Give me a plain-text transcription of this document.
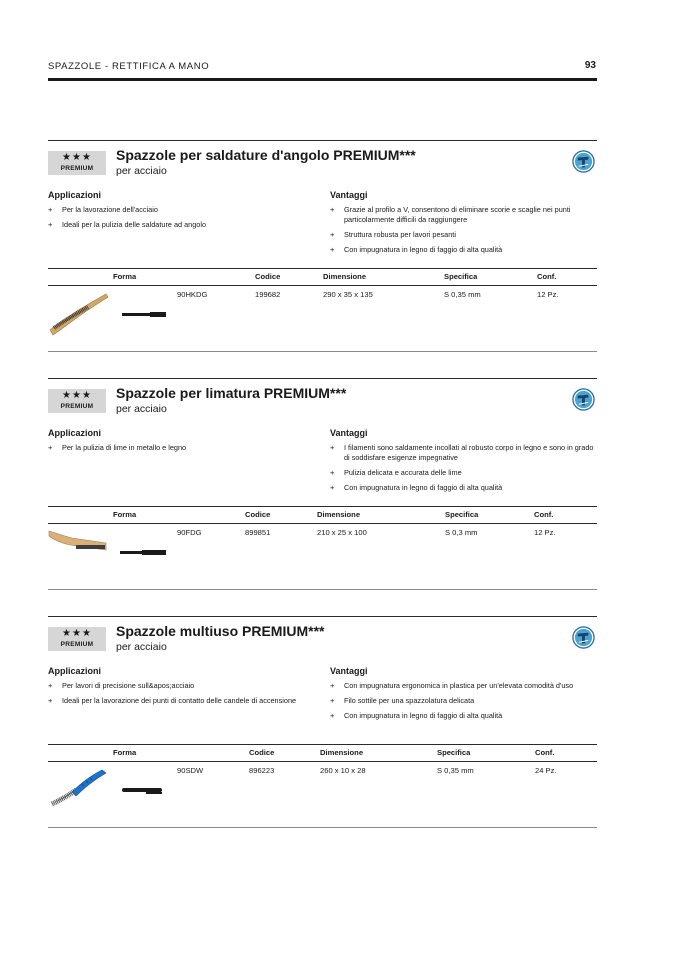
SPAZZOLE - RETTIFICA A MANO	93
★★★
PREMIUM
Spazzole per saldature d'angolo PREMIUM***
per acciaio
Applicazioni
+ Per la lavorazione dell'acciaio
+ Ideali per la pulizia delle saldature ad angolo
Vantaggi
+ Grazie al profilo a V, consentono di eliminare scorie e scaglie nei punti particolarmente difficili da raggiungere
+ Struttura robusta per lavori pesanti
+ Con impugnatura in legno di faggio di alta qualità
Forma	Codice	Dimensione	Specifica	Conf.
90HKDG	199682	290 x 35 x 135	S 0,35 mm	12 Pz.
★★★
PREMIUM
Spazzole per limatura PREMIUM***
per acciaio
Applicazioni
+ Per la pulizia di lime in metallo e legno
Vantaggi
+ I filamenti sono saldamente incollati al robusto corpo in legno e sono in grado di soddisfare esigenze impegnative
+ Pulizia delicata e accurata delle lime
+ Con impugnatura in legno di faggio di alta qualità
Forma	Codice	Dimensione	Specifica	Conf.
90FDG	899851	210 x 25 x 100	S 0,3 mm	12 Pz.
★★★
PREMIUM
Spazzole multiuso PREMIUM***
per acciaio
Applicazioni
+ Per lavori di precisione sull&apos;acciaio
+ Ideali per la lavorazione dei punti di contatto delle candele di accensione
Vantaggi
+ Con impugnatura ergonomica in plastica per un'elevata comodità d'uso
+ Filo sottile per una spazzolatura delicata
+ Con impugnatura in legno di faggio di alta qualità
Forma	Codice	Dimensione	Specifica	Conf.
90SDW	896223	260 x 10 x 28	S 0,35 mm	24 Pz.
